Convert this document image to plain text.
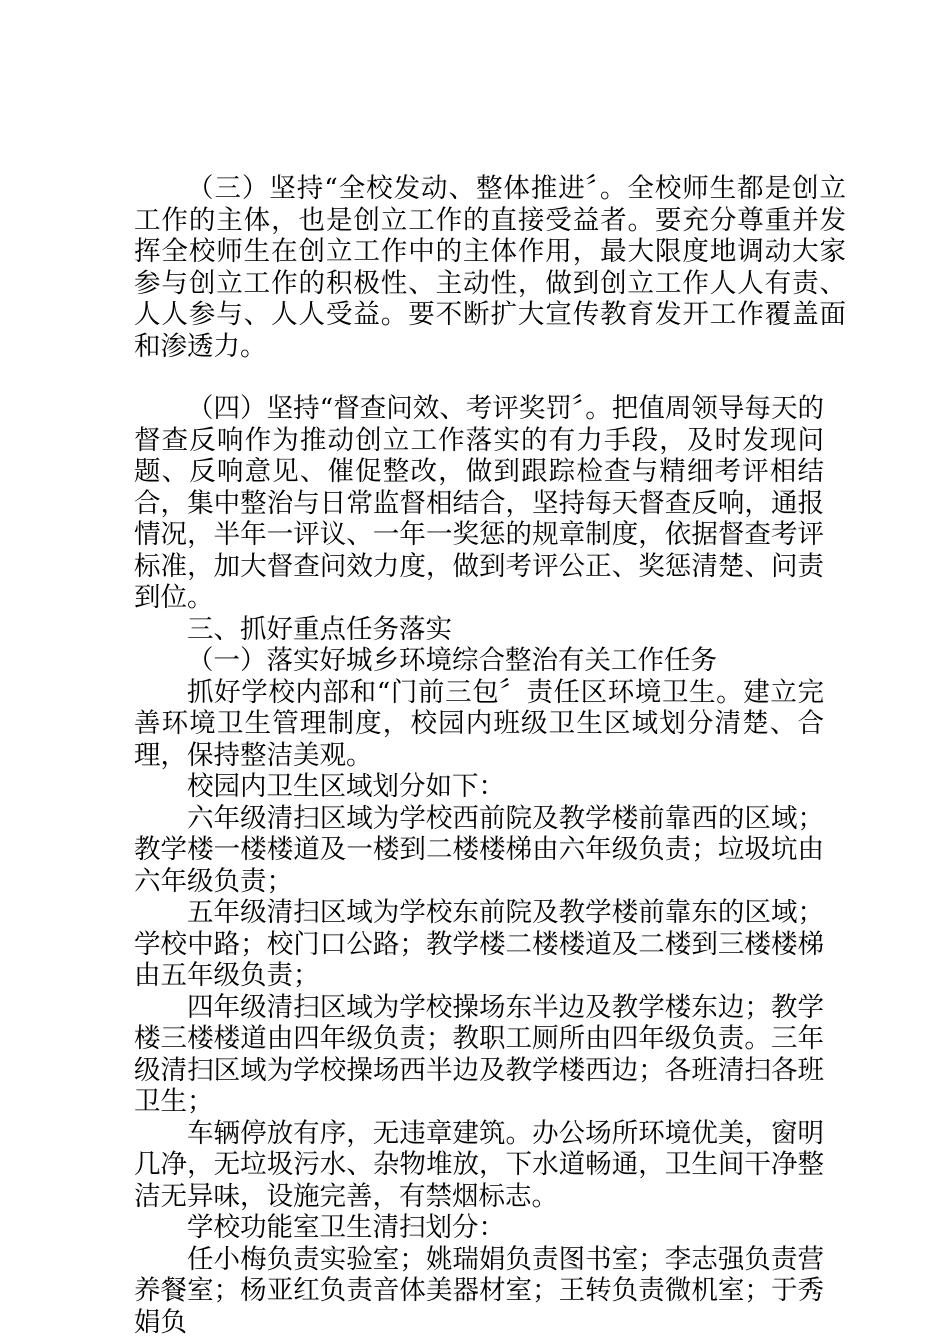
（三）坚持“全校发动、整体推进〞。全校师生都是创立工作的主体，也是创立工作的直接受益者。要充分尊重并发挥全校师生在创立工作中的主体作用，最大限度地调动大家参与创立工作的积极性、主动性，做到创立工作人人有责、人人参与、人人受益。要不断扩大宣传教育发开工作覆盖面和渗透力。

（四）坚持“督查问效、考评奖罚〞。把值周领导每天的督查反响作为推动创立工作落实的有力手段，及时发现问题、反响意见、催促整改，做到跟踪检查与精细考评相结合，集中整治与日常监督相结合，坚持每天督查反响，通报情况，半年一评议、一年一奖惩的规章制度，依据督查考评标准，加大督查问效力度，做到考评公正、奖惩清楚、问责到位。

三、抓好重点任务落实

（一）落实好城乡环境综合整治有关工作任务

抓好学校内部和“门前三包〞责任区环境卫生。建立完善环境卫生管理制度，校园内班级卫生区域划分清楚、合理，保持整洁美观。

校园内卫生区域划分如下：

六年级清扫区域为学校西前院及教学楼前靠西的区域；教学楼一楼楼道及一楼到二楼楼梯由六年级负责；垃圾坑由六年级负责；

五年级清扫区域为学校东前院及教学楼前靠东的区域；学校中路；校门口公路；教学楼二楼楼道及二楼到三楼楼梯由五年级负责；

四年级清扫区域为学校操场东半边及教学楼东边；教学楼三楼楼道由四年级负责；教职工厕所由四年级负责。三年级清扫区域为学校操场西半边及教学楼西边；各班清扫各班卫生；

车辆停放有序，无违章建筑。办公场所环境优美，窗明几净，无垃圾污水、杂物堆放，下水道畅通，卫生间干净整洁无异味，设施完善，有禁烟标志。

学校功能室卫生清扫划分：

任小梅负责实验室；姚瑞娟负责图书室；李志强负责营养餐室；杨亚红负责音体美器材室；王转负责微机室；于秀娟负
